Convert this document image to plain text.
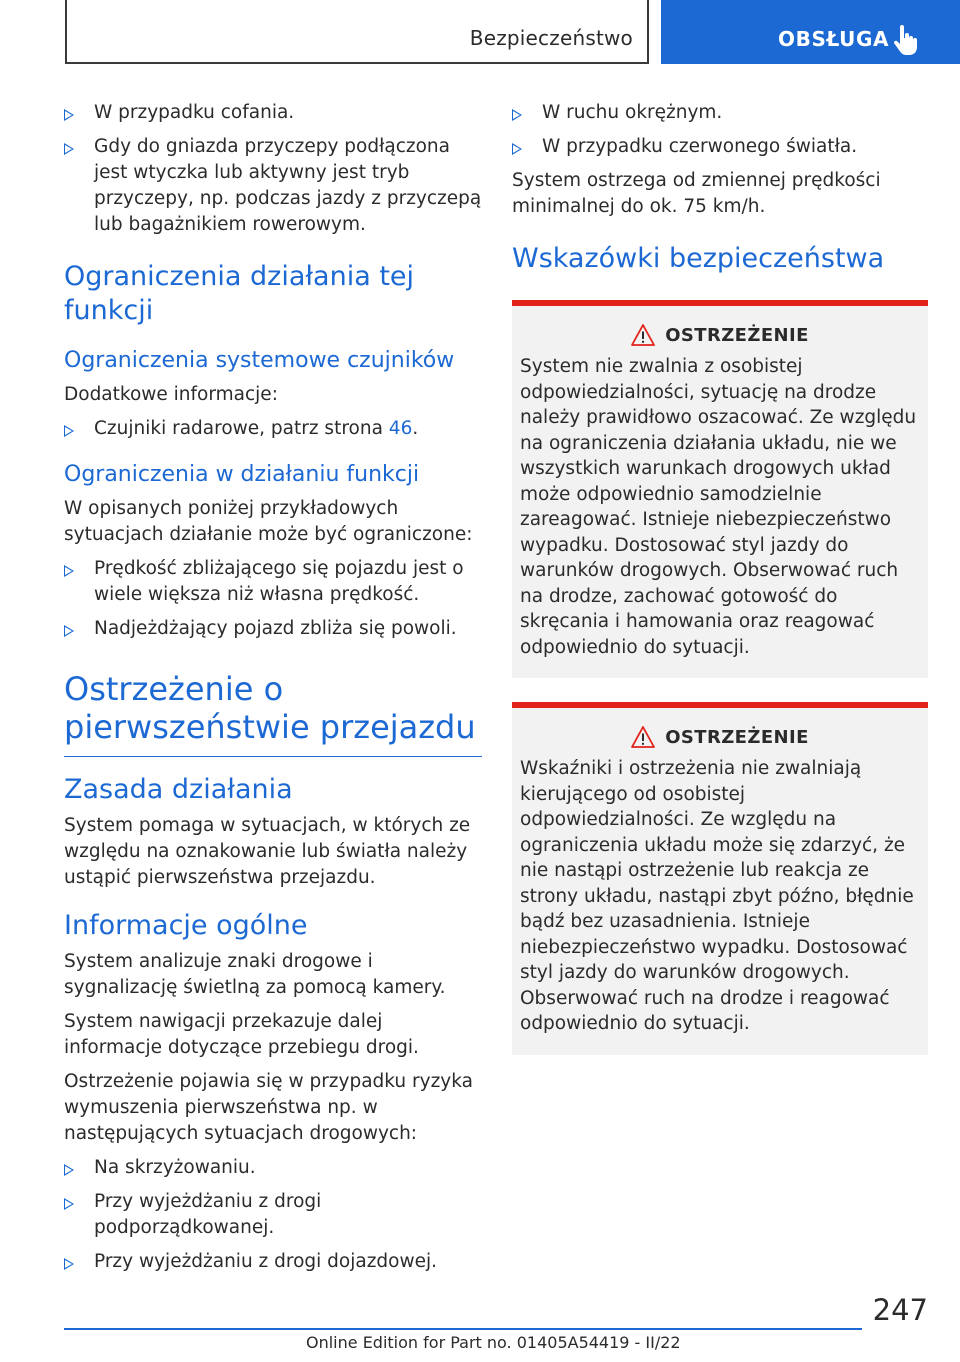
Bezpieczeństwo	OBSŁUGA
W przypadku cofania.
Gdy do gniazda przyczepy podłączona jest wtyczka lub aktywny jest tryb przyczepy, np. podczas jazdy z przyczepą lub bagażnikiem rowerowym.
Ograniczenia działania tej funkcji
Ograniczenia systemowe czujników
Dodatkowe informacje:
Czujniki radarowe, patrz strona 46.
Ograniczenia w działaniu funkcji
W opisanych poniżej przykładowych sytuacjach działanie może być ograniczone:
Prędkość zbliżającego się pojazdu jest o wiele większa niż własna prędkość.
Nadjeżdżający pojazd zbliża się powoli.
Ostrzeżenie o pierwszeństwie przejazdu
Zasada działania
System pomaga w sytuacjach, w których ze względu na oznakowanie lub światła należy ustąpić pierwszeństwa przejazdu.
Informacje ogólne
System analizuje znaki drogowe i sygnalizację świetlną za pomocą kamery.
System nawigacji przekazuje dalej informacje dotyczące przebiegu drogi.
Ostrzeżenie pojawia się w przypadku ryzyka wymuszenia pierwszeństwa np. w następujących sytuacjach drogowych:
Na skrzyżowaniu.
Przy wyjeżdżaniu z drogi podporządkowanej.
Przy wyjeżdżaniu z drogi dojazdowej.
W ruchu okrężnym.
W przypadku czerwonego światła.
System ostrzega od zmiennej prędkości minimalnej do ok. 75 km/h.
Wskazówki bezpieczeństwa
OSTRZEŻENIE
System nie zwalnia z osobistej odpowiedzialności, sytuację na drodze należy prawidłowo oszacować. Ze względu na ograniczenia działania układu, nie we wszystkich warunkach drogowych układ może odpowiednio samodzielnie zareagować. Istnieje niebezpieczeństwo wypadku. Dostosować styl jazdy do warunków drogowych. Obserwować ruch na drodze, zachować gotowość do skręcania i hamowania oraz reagować odpowiednio do sytuacji.
OSTRZEŻENIE
Wskaźniki i ostrzeżenia nie zwalniają kierującego od osobistej odpowiedzialności. Ze względu na ograniczenia układu może się zdarzyć, że nie nastąpi ostrzeżenie lub reakcja ze strony układu, nastąpi zbyt późno, błędnie bądź bez uzasadnienia. Istnieje niebezpieczeństwo wypadku. Dostosować styl jazdy do warunków drogowych. Obserwować ruch na drodze i reagować odpowiednio do sytuacji.
247
Online Edition for Part no. 01405A54419 - II/22
